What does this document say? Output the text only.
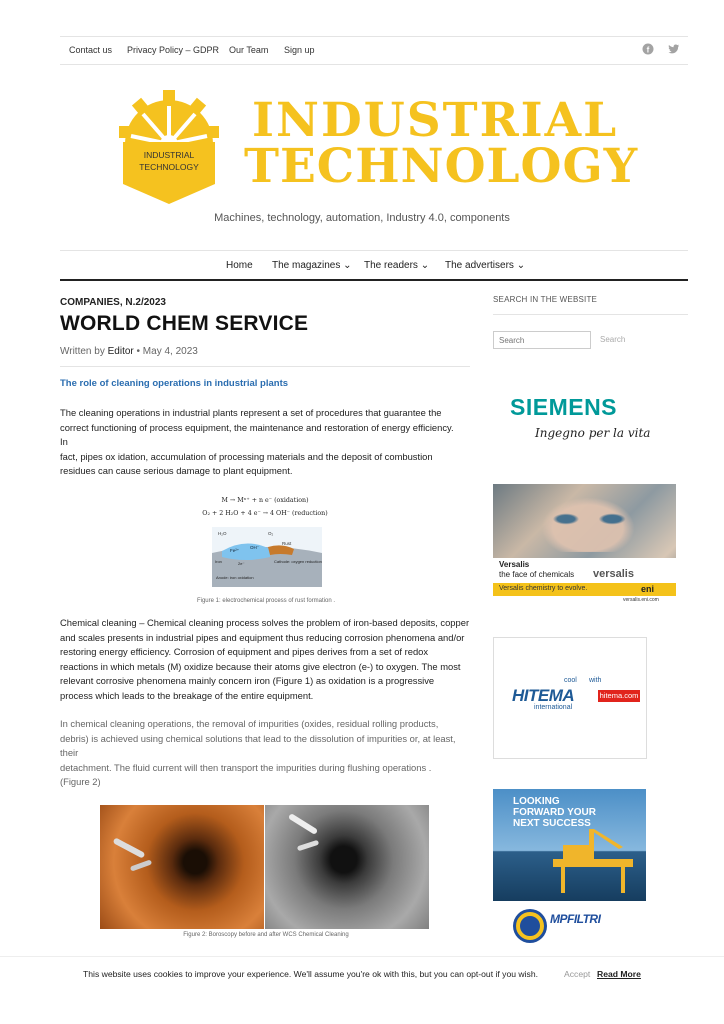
Contact us Privacy Policy – GDPR Our Team Sign up	f
INDUSTRIAL
TECHNOLOGY
INDUSTRIAL
TECHNOLOGY
Machines, technology, automation, Industry 4.0, components
Home The magazines ⌄ The readers ⌄ The advertisers ⌄
COMPANIES, N.2/2023
WORLD CHEM SERVICE
Written by Editor • May 4, 2023
The role of cleaning operations in industrial plants
The cleaning operations in industrial plants represent a set of procedures that guarantee the
correct functioning of process equipment, the maintenance and restoration of energy efficiency.
In
fact, pipes ox idation, accumulation of processing materials and the deposit of combustion
residues can cause serious damage to plant equipment.
M → Mⁿ⁺ + n e⁻ (oxidation)
O₂ + 2 H₂O + 4 e⁻ → 4 OH⁻ (reduction)
H₂O	O₂
Fe²⁺
OH⁻
Rust
Iron	2e⁻	Cathode: oxygen reduction
Anode: iron oxidation
Figure 1: electrochemical process of rust formation .
Chemical cleaning – Chemical cleaning process solves the problem of iron-based deposits, copper
and scales presents in industrial pipes and equipment thus reducing corrosion phenomena and/or
restoring energy efficiency. Corrosion of equipment and pipes derives from a set of redox
reactions in which metals (M) oxidize because their atoms give electron (e-) to oxygen. The most
relevant corrosive phenomena mainly concern iron (Figure 1) as oxidation is a progressive
process which leads to the breakage of the entire equipment.
In chemical cleaning operations, the removal of impurities (oxides, residual rolling products,
debris) is achieved using chemical solutions that lead to the dissolution of impurities or, at least,
their
detachment. The fluid current will then transport the impurities during flushing operations .
(Figure 2)
Figure 2: Boroscopy before and after WCS Chemical Cleaning
SEARCH IN THE WEBSITE
Search
Search
SIEMENS
Ingegno per la vita
Versalis
the face of chemicals versalis
Versalis chemistry to evolve.	eni
versalis.eni.com
cool with
HITEMA
international
hitema.com
LOOKING
FORWARD YOUR
NEXT SUCCESS
MPFILTRI
This website uses cookies to improve your experience. We'll assume you're ok with this, but you can opt-out if you wish.	Accept Read More
